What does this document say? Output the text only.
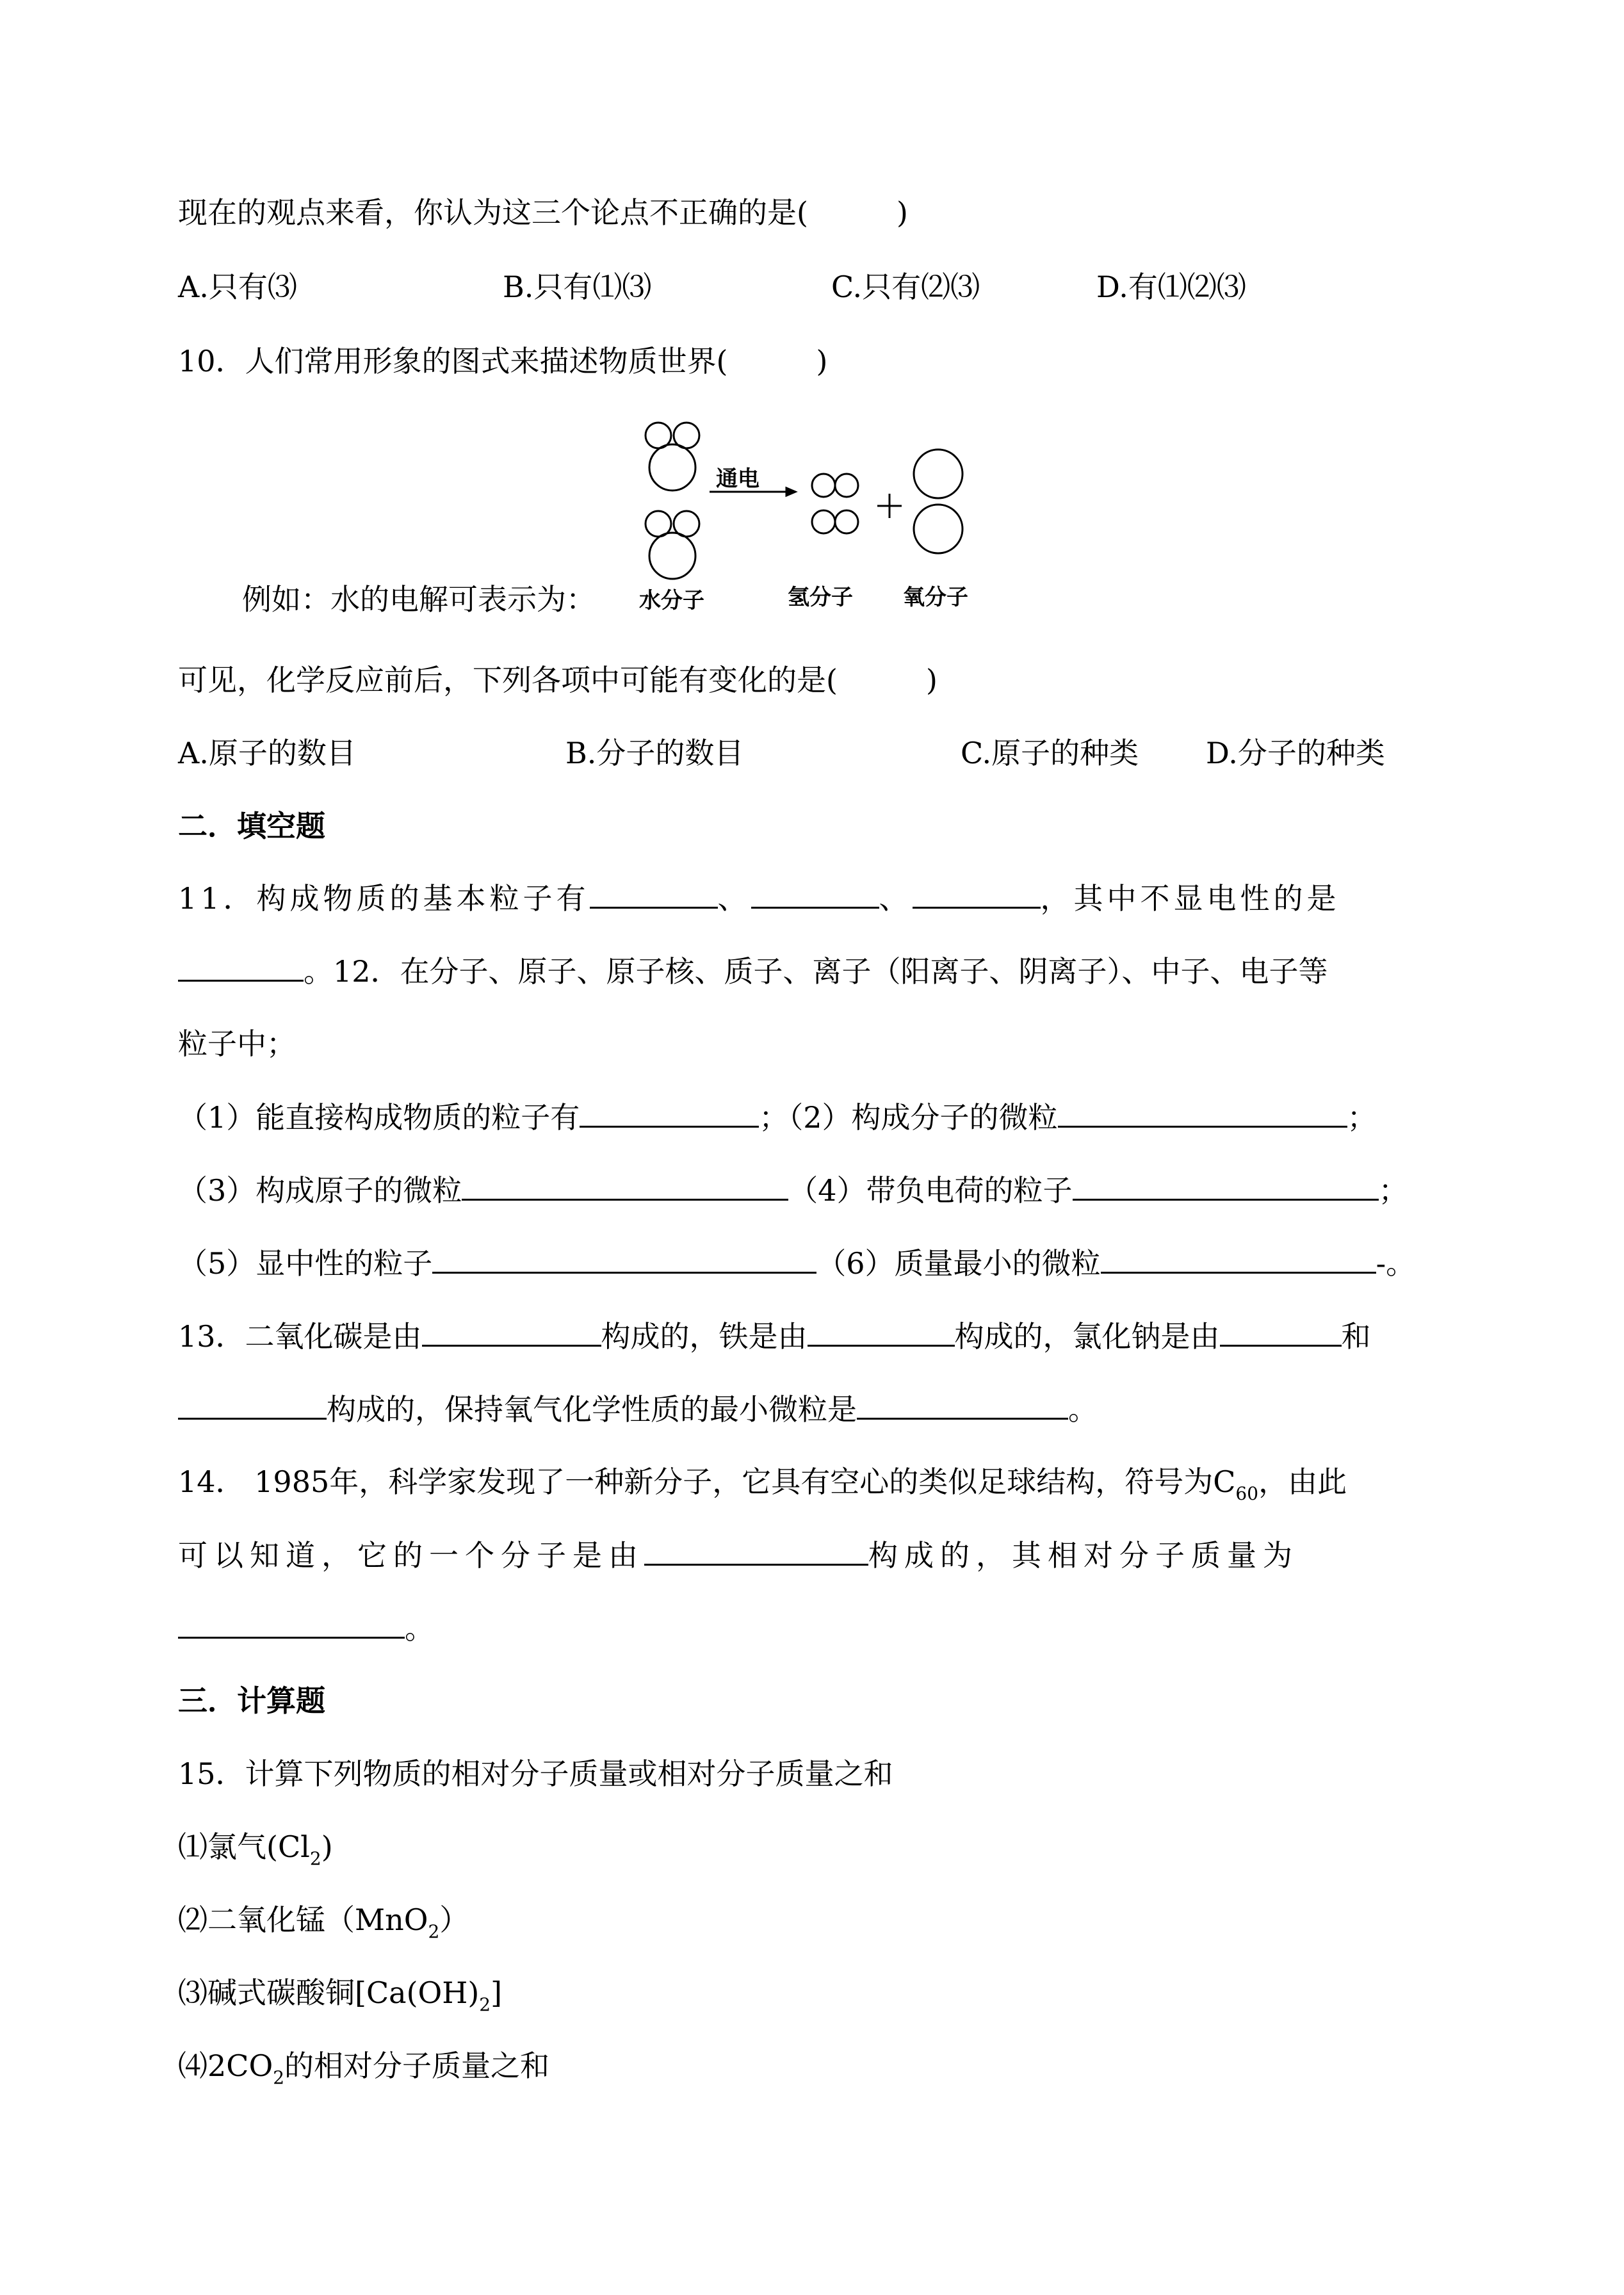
现在的观点来看，你认为这三个论点不正确的是(　　　)

A.只有⑶	B.只有⑴⑶	C.只有⑵⑶	D.有⑴⑵⑶

10．人们常用形象的图式来描述物质世界(　　　)

例如：水的电解可表示为：

通电
水分子	氢分子 氧分子

可见，化学反应前后，下列各项中可能有变化的是(　　　)

A.原子的数目	B.分子的数目	C.原子的种类 D.分子的种类

二．填空题

11．构成物质的基本粒子有	、	、	，其中不显电性的是

。12．在分子、原子、原子核、质子、离子（阳离子、阴离子）、中子、电子等

粒子中；

（1）能直接构成物质的粒子有	；（2）构成分子的微粒	；

（3）构成原子的微粒	（4）带负电荷的粒子	；

（5）显中性的粒子	（6）质量最小的微粒	-。

13．二氧化碳是由	构成的，铁是由	构成的，氯化钠是由	和

构成的，保持氧气化学性质的最小微粒是	。

14． 1985年，科学家发现了一种新分子，它具有空心的类似足球结构，符号为$C_{60}$，由此

可以知道，它的一个分子是由	构成的，其相对分子质量为

。

三．计算题

15．计算下列物质的相对分子质量或相对分子质量之和

⑴氯气$(Cl_2)$

⑵二氧化锰（MnO$_2$）

⑶碱式碳酸铜$[Ca(OH)_2]$

$⑷2CO_2$的相对分子质量之和
